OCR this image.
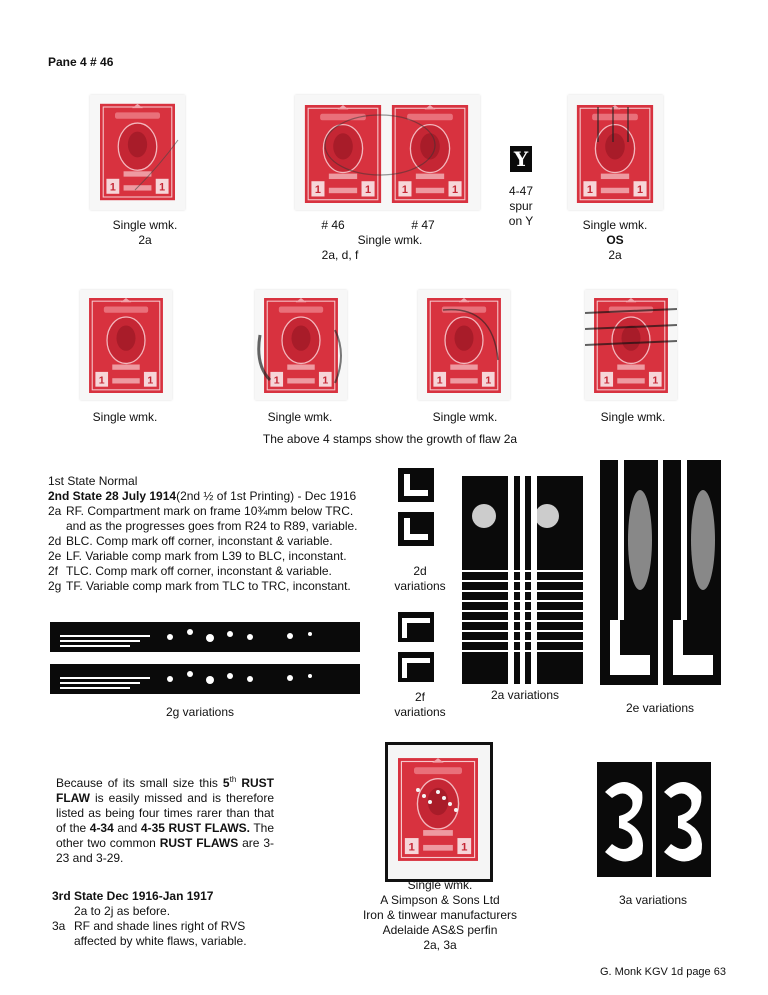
Pane 4 # 46
Single wmk.
2a
# 46	# 47
Single wmk.
2a, d, f
Y
4-47
spur
on Y	Single wmk.
OS
2a
Single wmk.	Single wmk.	Single wmk.	Single wmk.
The above 4 stamps show the growth of flaw 2a
1st State Normal
2nd State 28 July 1914(2nd ½ of 1st Printing) - Dec 1916
2a RF. Compartment mark on frame 10¾mm below TRC.
and as the progresses goes from R24 to R89, variable.
2d BLC. Comp mark off corner, inconstant & variable.
2e LF. Variable comp mark from L39 to BLC, inconstant.
2f TLC. Comp mark off corner, inconstant & variable.
2g TF. Variable comp mark from TLC to TRC, inconstant.
2g variations
2d
variations
2f
variations
2a variations
2e variations
Because of its small size this 5th RUST FLAW is easily missed and is therefore listed as being four times rarer than that of the 4-34 and 4-35 RUST FLAWS. The other two common RUST FLAWS are 3-23 and 3-29.
Single wmk.
A Simpson & Sons Ltd
Iron & tinwear manufacturers
Adelaide AS&S perfin
2a, 3a
3a variations
3rd State Dec 1916-Jan 1917
2a to 2j as before.
3a RF and shade lines right of RVS
affected by white flaws, variable.
G. Monk KGV 1d page 63
